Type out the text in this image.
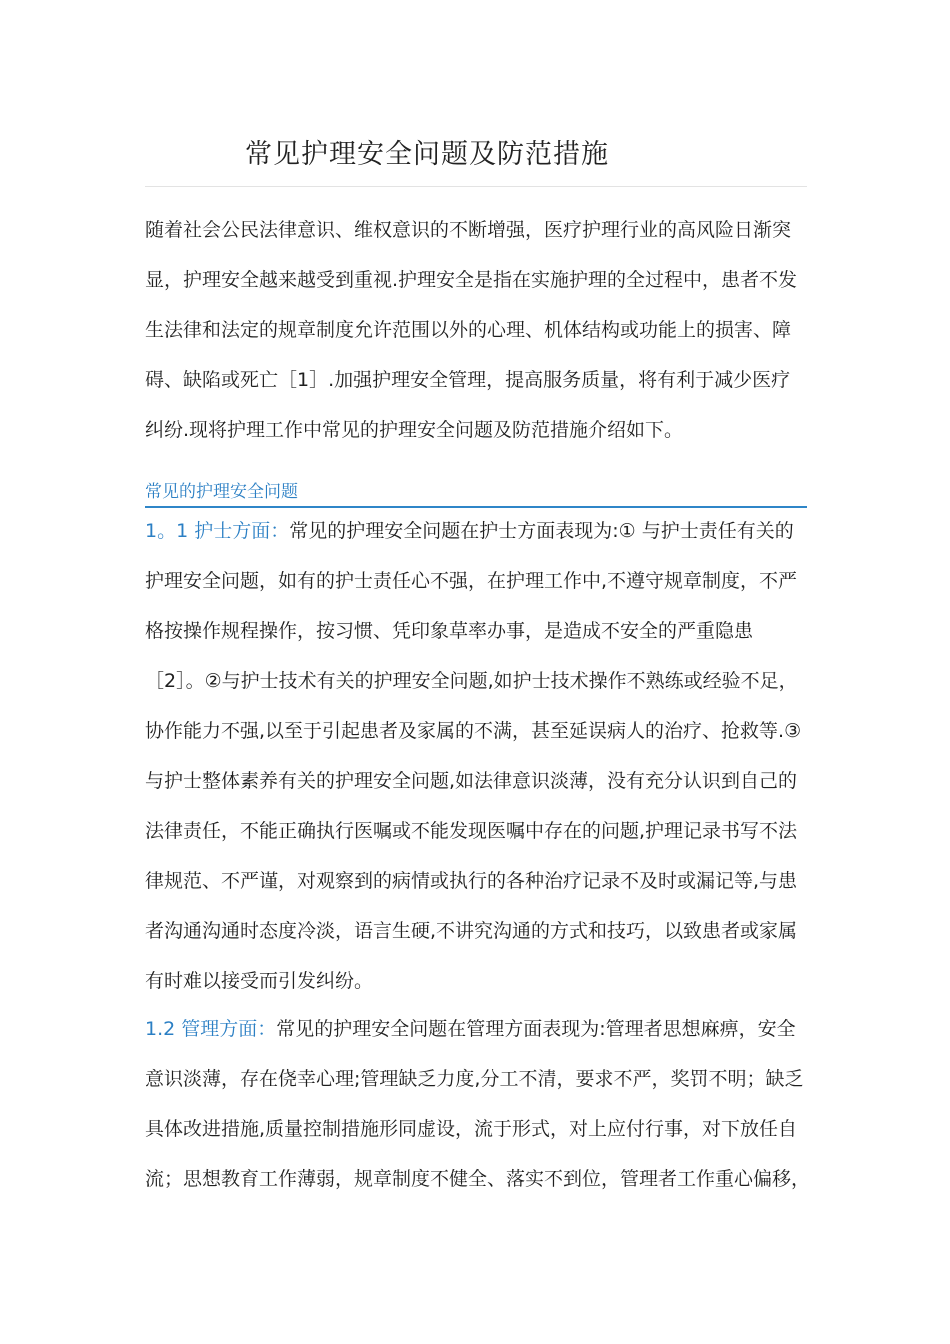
常见护理安全问题及防范措施
随着社会公民法律意识、维权意识的不断增强，医疗护理行业的高风险日渐突
显，护理安全越来越受到重视.护理安全是指在实施护理的全过程中，患者不发
生法律和法定的规章制度允许范围以外的心理、机体结构或功能上的损害、障
碍、缺陷或死亡［1］.加强护理安全管理，提高服务质量，将有利于减少医疗
纠纷.现将护理工作中常见的护理安全问题及防范措施介绍如下。
常见的护理安全问题
1。1 护士方面：常见的护理安全问题在护士方面表现为:① 与护士责任有关的
护理安全问题，如有的护士责任心不强，在护理工作中,不遵守规章制度，不严
格按操作规程操作，按习惯、凭印象草率办事，是造成不安全的严重隐患
［2］。②与护士技术有关的护理安全问题,如护士技术操作不熟练或经验不足，
协作能力不强,以至于引起患者及家属的不满，甚至延误病人的治疗、抢救等.③
与护士整体素养有关的护理安全问题,如法律意识淡薄，没有充分认识到自己的
法律责任，不能正确执行医嘱或不能发现医嘱中存在的问题,护理记录书写不法
律规范、不严谨，对观察到的病情或执行的各种治疗记录不及时或漏记等,与患
者沟通沟通时态度冷淡，语言生硬,不讲究沟通的方式和技巧，以致患者或家属
有时难以接受而引发纠纷。
1.2 管理方面：常见的护理安全问题在管理方面表现为:管理者思想麻痹，安全
意识淡薄，存在侥幸心理;管理缺乏力度,分工不清，要求不严，奖罚不明；缺乏
具体改进措施,质量控制措施形同虚设，流于形式，对上应付行事，对下放任自
流；思想教育工作薄弱，规章制度不健全、落实不到位，管理者工作重心偏移，
